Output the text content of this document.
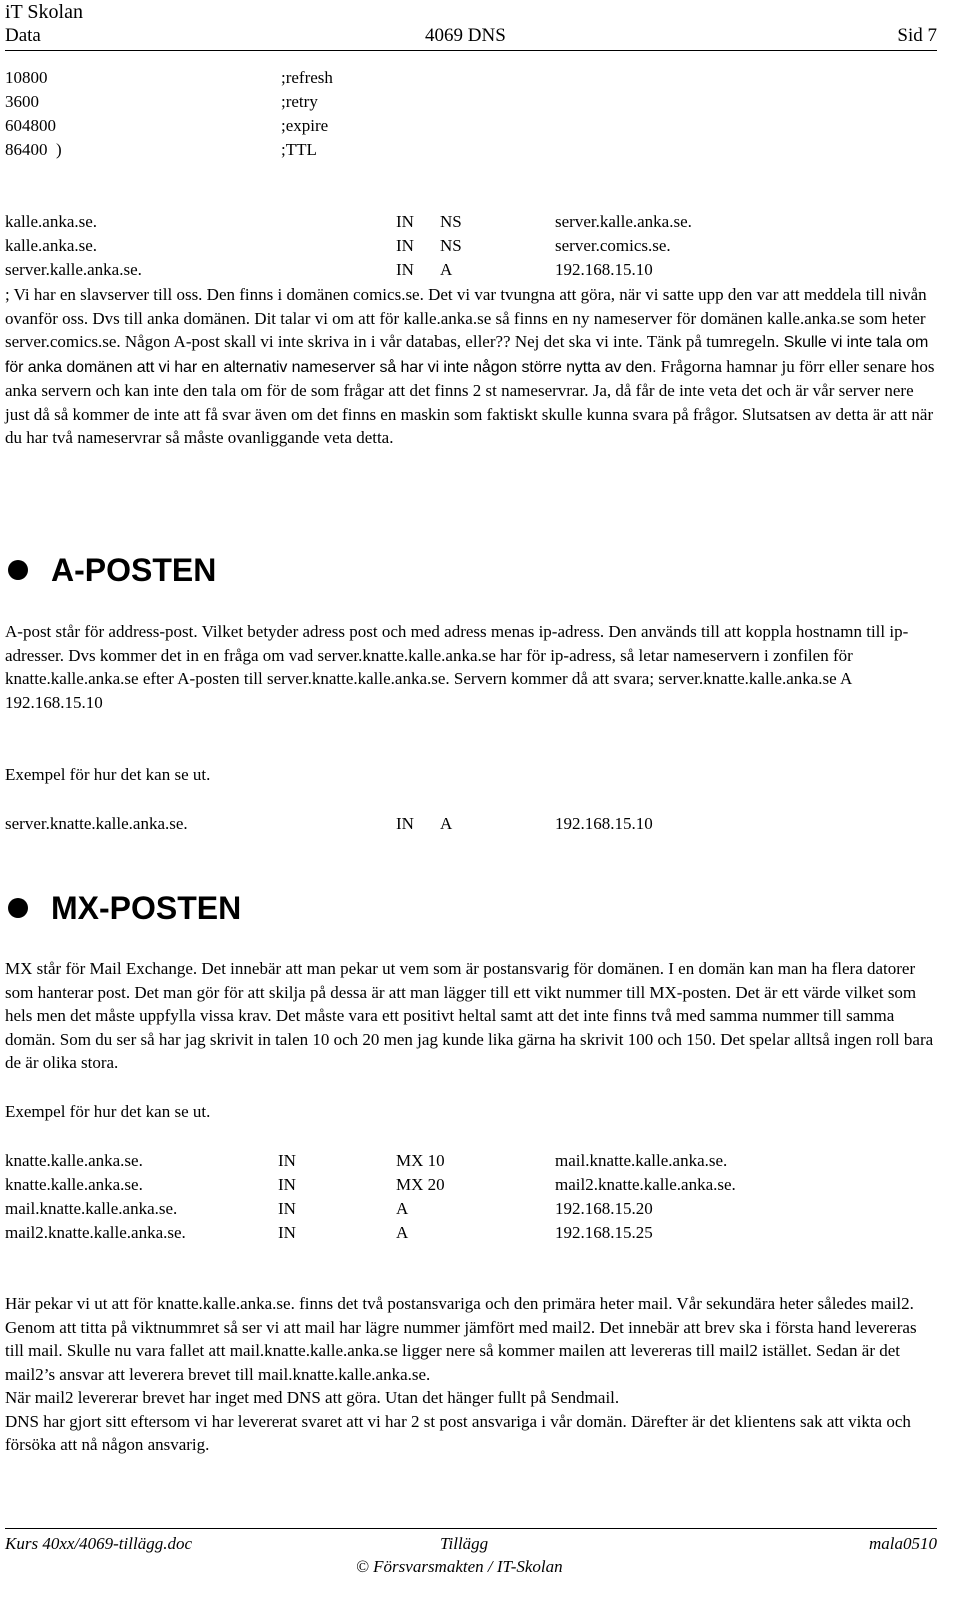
iT Skolan
Data	4069 DNS	Sid 7
10800	;refresh
3600	;retry
604800	;expire
86400  )	;TTL
kalle.anka.se.	IN NS	server.kalle.anka.se.
kalle.anka.se.	IN NS	server.comics.se.
server.kalle.anka.se.	IN A	192.168.15.10

; Vi har en slavserver till oss. Den finns i domänen comics.se. Det vi var tvungna att göra, när vi satte upp den var att meddela till nivån ovanför oss. Dvs till anka domänen. Dit talar vi om att för kalle.anka.se så finns en ny nameserver för domänen kalle.anka.se som heter server.comics.se. Någon A-post skall vi inte skriva in i vår databas, eller?? Nej det ska vi inte. Tänk på tumregeln. Skulle vi inte tala om för anka domänen att vi har en alternativ nameserver så har vi inte någon större nytta av den. Frågorna hamnar ju förr eller senare hos anka servern och kan inte den tala om för de som frågar att det finns 2 st nameservrar. Ja, då får de inte veta det och är vår server nere just då så kommer de inte att få svar även om det finns en maskin som faktiskt skulle kunna svara på frågor. Slutsatsen av detta är att när du har två nameservrar så måste ovanliggande veta detta.

A-POSTEN

A-post står för address-post. Vilket betyder adress post och med adress menas ip-adress. Den används till att koppla hostnamn till ip-adresser. Dvs kommer det in en fråga om vad server.knatte.kalle.anka.se har för ip-adress, så letar nameservern i zonfilen för knatte.kalle.anka.se efter A-posten till server.knatte.kalle.anka.se. Servern kommer då att svara; server.knatte.kalle.anka.se A 192.168.15.10

Exempel för hur det kan se ut.
server.knatte.kalle.anka.se.	IN A	192.168.15.10
MX-POSTEN

MX står för Mail Exchange. Det innebär att man pekar ut vem som är postansvarig för domänen. I en domän kan man ha flera datorer som hanterar post. Det man gör för att skilja på dessa är att man lägger till ett vikt nummer till MX-posten. Det är ett värde vilket som hels men det måste uppfylla vissa krav. Det måste vara ett positivt heltal samt att det inte finns två med samma nummer till samma domän. Som du ser så har jag skrivit in talen 10 och 20 men jag kunde lika gärna ha skrivit 100 och 150. Det spelar alltså ingen roll bara de är olika stora.

Exempel för hur det kan se ut.
knatte.kalle.anka.se.	IN	MX 10	mail.knatte.kalle.anka.se.
knatte.kalle.anka.se.	IN	MX 20	mail2.knatte.kalle.anka.se.
mail.knatte.kalle.anka.se.	IN	A	192.168.15.20
mail2.knatte.kalle.anka.se.	IN	A	192.168.15.25

Här pekar vi ut att för knatte.kalle.anka.se. finns det två postansvariga och den primära heter mail. Vår sekundära heter således mail2. Genom att titta på viktnummret så ser vi att mail har lägre nummer jämfört med mail2. Det innebär att brev ska i första hand levereras till mail. Skulle nu vara fallet att mail.knatte.kalle.anka.se ligger nere så kommer mailen att levereras till mail2 istället. Sedan är det mail2’s ansvar att leverera brevet till mail.knatte.kalle.anka.se.

När mail2 levererar brevet har inget med DNS att göra. Utan det hänger fullt på Sendmail.

DNS har gjort sitt eftersom vi har levererat svaret att vi har 2 st post ansvariga i vår domän. Därefter är det klientens sak att vikta och försöka att nå någon ansvarig.

Kurs 40xx/4069-tillägg.doc	Tillägg	mala0510
© Försvarsmakten / IT-Skolan
